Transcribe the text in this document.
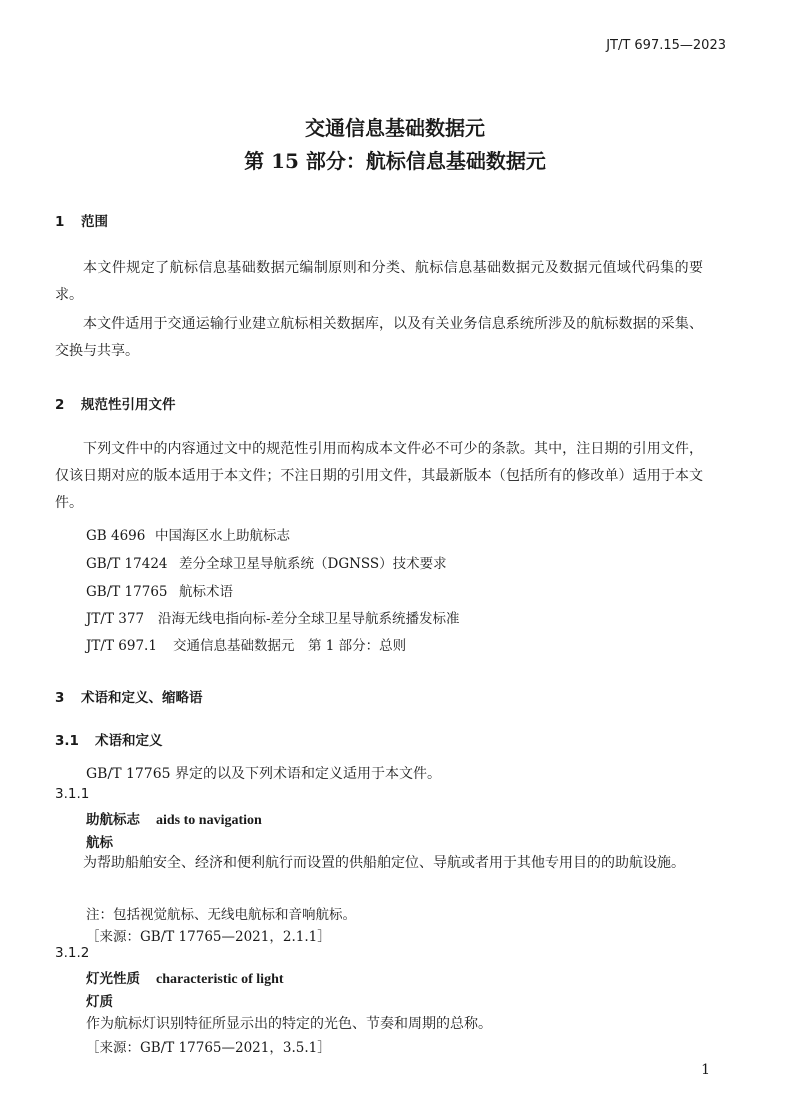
JT/T 697.15—2023
交通信息基础数据元
第 15 部分：航标信息基础数据元
1 范围
本文件规定了航标信息基础数据元编制原则和分类、航标信息基础数据元及数据元值域代码集的要求。
本文件适用于交通运输行业建立航标相关数据库，以及有关业务信息系统所涉及的航标数据的采集、交换与共享。
2 规范性引用文件
下列文件中的内容通过文中的规范性引用而构成本文件必不可少的条款。其中，注日期的引用文件，仅该日期对应的版本适用于本文件；不注日期的引用文件，其最新版本（包括所有的修改单）适用于本文件。
GB 4696 中国海区水上助航标志
GB/T 17424 差分全球卫星导航系统（DGNSS）技术要求
GB/T 17765 航标术语
JT/T 377 沿海无线电指向标-差分全球卫星导航系统播发标准
JT/T 697.1 交通信息基础数据元　第 1 部分：总则
3 术语和定义、缩略语
3.1 术语和定义
GB/T 17765 界定的以及下列术语和定义适用于本文件。
3.1.1
助航标志 aids to navigation
航标
为帮助船舶安全、经济和便利航行而设置的供船舶定位、导航或者用于其他专用目的的助航设施。
注：包括视觉航标、无线电航标和音响航标。
［来源：GB/T 17765—2021，2.1.1］
3.1.2
灯光性质 characteristic of light
灯质
作为航标灯识别特征所显示出的特定的光色、节奏和周期的总称。
［来源：GB/T 17765—2021，3.5.1］
1
